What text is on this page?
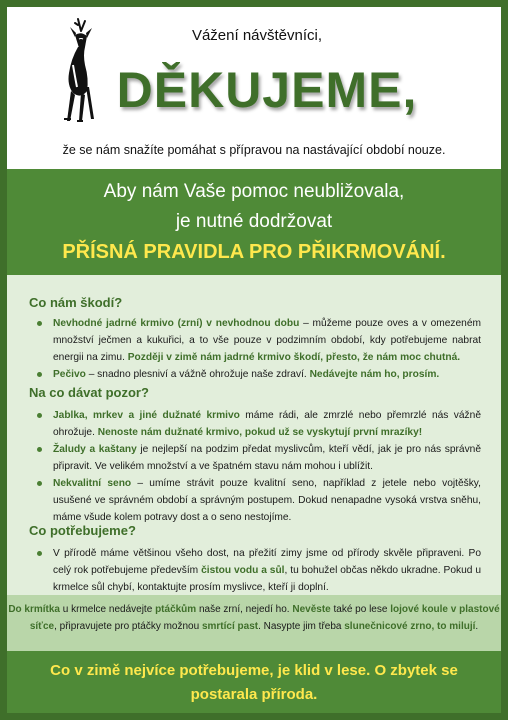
Vážení návštěvníci,
DĚKUJEME,
že se nám snažíte pomáhat s přípravou na nastávající období nouze.
Aby nám Vaše pomoc neubližovala,
je nutné dodržovat
PŘÍSNÁ PRAVIDLA PRO PŘIKRMOVÁNÍ.
Co nám škodí?
Nevhodné jadrné krmivo (zrní) v nevhodnou dobu – můžeme pouze oves a v omezeném množství ječmen a kukuřici, a to vše pouze v podzimním období, kdy potřebujeme nabrat energii na zimu. Později v zimě nám jadrné krmivo škodí, přesto, že nám moc chutná.
Pečivo – snadno plesniví a vážně ohrožuje naše zdraví. Nedávejte nám ho, prosím.
Na co dávat pozor?
Jablka, mrkev a jiné dužnaté krmivo máme rádi, ale zmrzlé nebo přemrzlé nás vážně ohrožuje. Nenoste nám dužnaté krmivo, pokud už se vyskytují první mrazíky!
Žaludy a kaštany je nejlepší na podzim předat myslivcům, kteří vědí, jak je pro nás správně připravit. Ve velikém množství a ve špatném stavu nám mohou i ublížit.
Nekvalitní seno – umíme strávit pouze kvalitní seno, například z jetele nebo vojtěšky, usušené ve správném období a správným postupem. Dokud nenapadne vysoká vrstva sněhu, máme všude kolem potravy dost a o seno nestojíme.
Co potřebujeme?
V přírodě máme většinou všeho dost, na přežití zimy jsme od přírody skvěle připraveni. Po celý rok potřebujeme především čistou vodu a sůl, tu bohužel občas někdo ukradne. Pokud u krmelce sůl chybí, kontaktujte prosím myslivce, kteří ji doplní.
Do krmítka u krmelce nedávejte ptáčkům naše zrní, nejedí ho. Nevěste také po lese lojové koule v plastové síťce, připravujete pro ptáčky možnou smrtící past. Nasypte jim třeba slunečnicové zrno, to milují.
Co v zimě nejvíce potřebujeme, je klid v lese. O zbytek se
postarala příroda.
